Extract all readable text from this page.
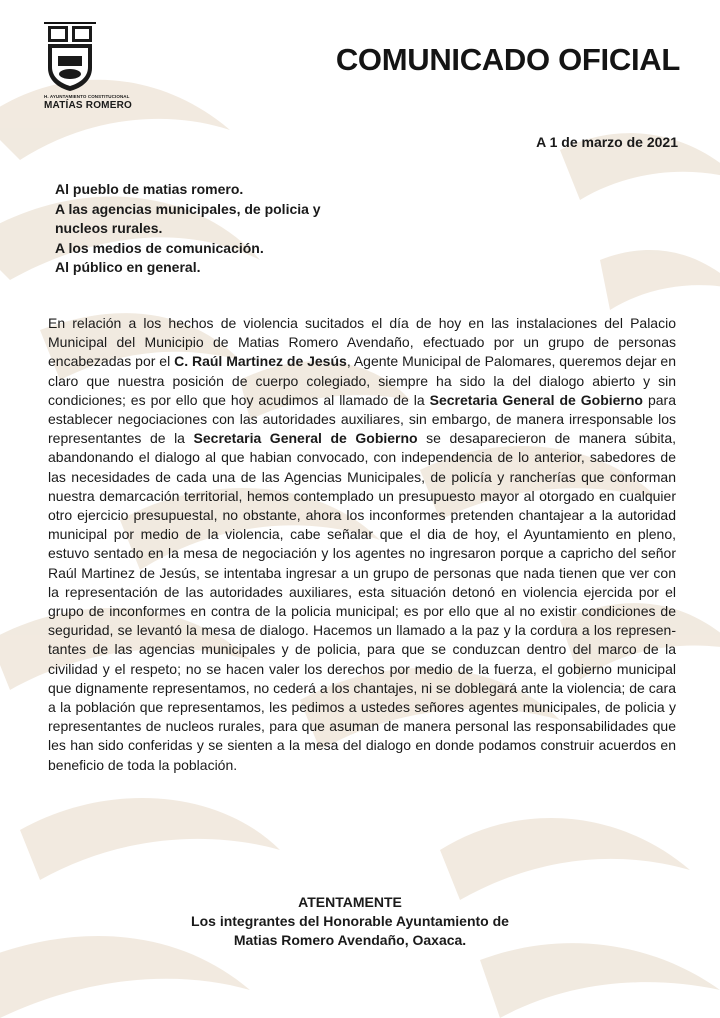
H. AYUNTAMIENTO CONSTITUCIONAL
MATÍAS ROMERO
COMUNICADO OFICIAL
A 1 de marzo de 2021
Al pueblo de matias romero.
A las agencias municipales, de policia y
nucleos rurales.
A los medios de comunicación.
Al público en general.
En relación a los hechos de violencia sucitados el día de hoy en las instalaciones del Palacio Municipal del Municipio de Matias Romero Avendaño, efectuado por un grupo de personas encabezadas por el C. Raúl Martinez de Jesús, Agente Municipal de Palomares, queremos dejar en claro que nuestra posición de cuerpo colegiado, siempre ha sido la del dialogo abierto y sin condiciones; es por ello que hoy acudimos al llamado de la Secretaria General de Gobierno para establecer negociaciones con las autoridades auxiliares, sin embargo, de manera irresponsable los representantes de la Secretaria General de Gobierno se desaparecieron de manera súbita, abandonando el dialogo al que habian convocado, con independencia de lo anterior, sabedores de las necesidades de cada una de las Agencias Municipales, de policía y rancherías que conforman nuestra demarcación territorial, hemos contemplado un presupuesto mayor al otorgado en cualquier otro ejercicio presupuestal, no obstante, ahora los inconformes pretenden chantajear a la autoridad municipal por medio de la violencia, cabe señalar que el dia de hoy, el Ayuntamiento en pleno, estuvo sentado en la mesa de negociación y los agentes no ingresaron porque a capricho del señor Raúl Martinez de Jesús, se intentaba ingresar a un grupo de personas que nada tienen que ver con la representación de las autoridades auxiliares, esta situación detonó en violencia ejercida por el grupo de inconformes en contra de la policia municipal; es por ello que al no existir condiciones de seguridad, se levantó la mesa de dialogo. Hacemos un llamado a la paz y la cordura a los representantes de las agencias municipales y de policia, para que se conduzcan dentro del marco de la civilidad y el respeto; no se hacen valer los derechos por medio de la fuerza, el gobierno municipal que dignamente representamos, no cederá a los chantajes, ni se doblegará ante la violencia; de cara a la población que representamos, les pedimos a ustedes señores agentes municipales, de policia y representantes de nucleos rurales, para que asuman de manera personal las responsabilidades que les han sido conferidas y se sienten a la mesa del dialogo en donde podamos construir acuerdos en beneficio de toda la población.
ATENTAMENTE
Los integrantes del Honorable Ayuntamiento de
Matias Romero Avendaño, Oaxaca.
